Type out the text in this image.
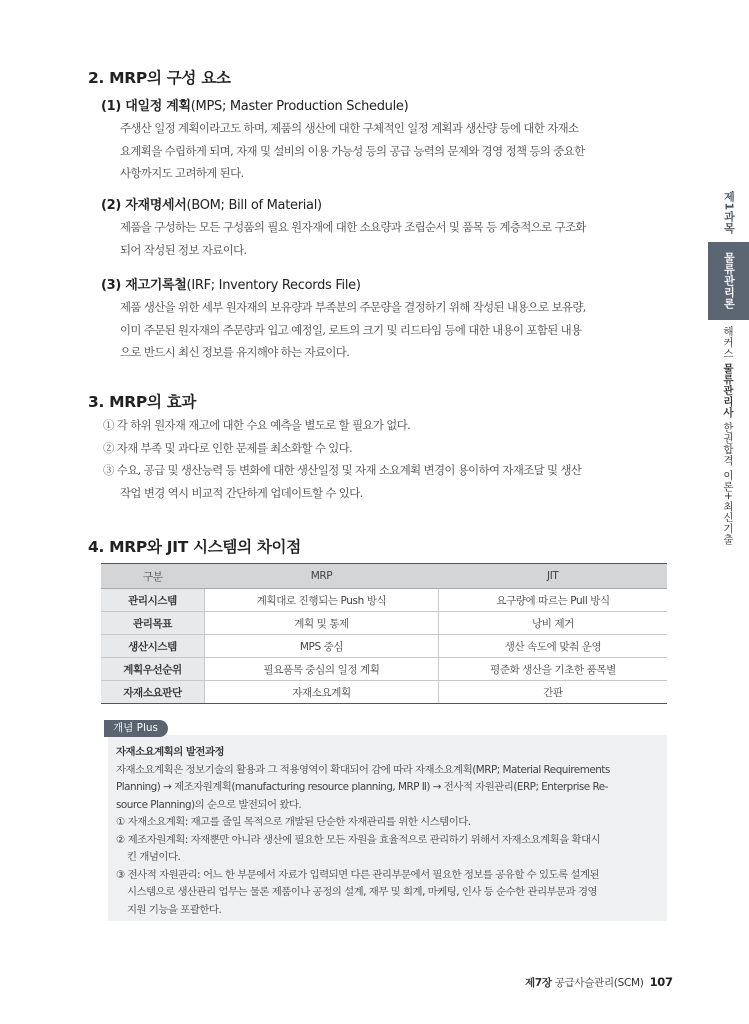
2. MRP의 구성 요소
(1) 대일정 계획(MPS; Master Production Schedule)
주생산 일정 계획이라고도 하며, 제품의 생산에 대한 구체적인 일정 계획과 생산량 등에 대한 자재소
요계획을 수립하게 되며, 자재 및 설비의 이용 가능성 등의 공급 능력의 문제와 경영 정책 등의 중요한
사항까지도 고려하게 된다.
(2) 자재명세서(BOM; Bill of Material)
제품을 구성하는 모든 구성품의 필요 원자재에 대한 소요량과 조립순서 및 품목 등 계층적으로 구조화
되어 작성된 정보 자료이다.
(3) 재고기록철(IRF; Inventory Records File)
제품 생산을 위한 세부 원자재의 보유량과 부족분의 주문량을 결정하기 위해 작성된 내용으로 보유량,
이미 주문된 원자재의 주문량과 입고 예정일, 로트의 크기 및 리드타임 등에 대한 내용이 포함된 내용
으로 반드시 최신 정보를 유지해야 하는 자료이다.
3. MRP의 효과
① 각 하위 원자재 재고에 대한 수요 예측을 별도로 할 필요가 없다.
② 자재 부족 및 과다로 인한 문제를 최소화할 수 있다.
③ 수요, 공급 및 생산능력 등 변화에 대한 생산일정 및 자재 소요계획 변경이 용이하여 자재조달 및 생산
작업 변경 역시 비교적 간단하게 업데이트할 수 있다.
4. MRP와 JIT 시스템의 차이점
구분	MRP	JIT
관리시스템	계획대로 진행되는 Push 방식	요구량에 따르는 Pull 방식
관리목표	계획 및 통제	낭비 제거
생산시스템	MPS 중심	생산 속도에 맞춰 운영
계획우선순위	필요품목 중심의 일정 계획	평준화 생산을 기초한 품목별
자재소요판단	자재소요계획	간판
개념 Plus
자재소요계획의 발전과정
자재소요계획은 정보기술의 활용과 그 적용영역이 확대되어 감에 따라 자재소요계획(MRP; Material Requirements
Planning) → 제조자원계획(manufacturing resource planning, MRP Ⅱ) → 전사적 자원관리(ERP; Enterprise Re-
source Planning)의 순으로 발전되어 왔다.
① 자재소요계획: 재고를 줄일 목적으로 개발된 단순한 자재관리를 위한 시스템이다.
② 제조자원계획: 자재뿐만 아니라 생산에 필요한 모든 자원을 효율적으로 관리하기 위해서 자재소요계획을 확대시
킨 개념이다.
③ 전사적 자원관리: 어느 한 부문에서 자료가 입력되면 다른 관리부문에서 필요한 정보를 공유할 수 있도록 설계된
시스템으로 생산관리 업무는 물론 제품이나 공정의 설계, 재무 및 회계, 마케팅, 인사 등 순수한 관리부문과 경영
지원 기능을 포괄한다.
제1과목
물류관리론
해커스 물류관리사 한권합격 이론+최신기출
제7장 공급사슬관리(SCM) 107
